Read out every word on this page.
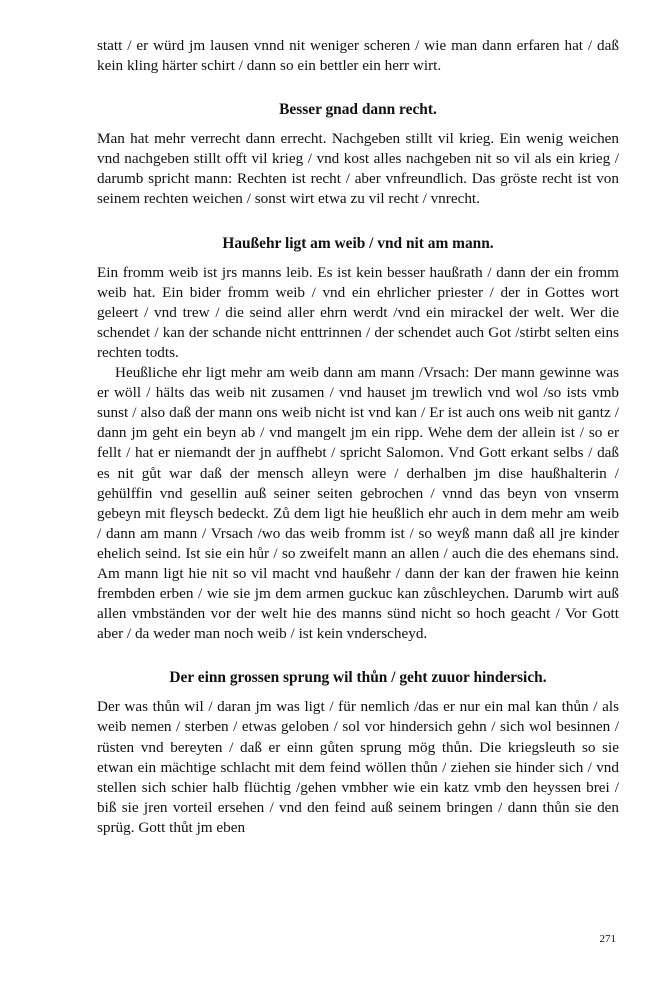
statt / er würd jm lausen vnnd nit weniger scheren / wie man dann erfaren hat / daß kein kling härter schirt / dann so ein bettler ein herr wirt.

Besser gnad dann recht.

Man hat mehr verrecht dann errecht. Nachgeben stillt vil krieg. Ein wenig weichen vnd nachgeben stillt offt vil krieg / vnd kost alles nachgeben nit so vil als ein krieg / darumb spricht mann: Rechten ist recht / aber vnfreundlich. Das gröste recht ist von seinem rechten weichen / sonst wirt etwa zu vil recht / vnrecht.

Haußehr ligt am weib / vnd nit am mann.

Ein fromm weib ist jrs manns leib. Es ist kein besser haußrath / dann der ein fromm weib hat. Ein bider fromm weib / vnd ein ehrlicher priester / der in Gottes wort geleert / vnd trew / die seind aller ehrn werdt /vnd ein mirackel der welt. Wer die schendet / kan der schande nicht enttrinnen / der schendet auch Got /stirbt selten eins rechten todts.

Heußliche ehr ligt mehr am weib dann am mann /Vrsach: Der mann gewinne was er wöll / hälts das weib nit zusamen / vnd hauset jm trewlich vnd wol /so ists vmb sunst / also daß der mann ons weib nicht ist vnd kan / Er ist auch ons weib nit gantz / dann jm geht ein beyn ab / vnd mangelt jm ein ripp. Wehe dem der allein ist / so er fellt / hat er niemandt der jn auffhebt / spricht Salomon. Vnd Gott erkant selbs / daß es nit gůt war daß der mensch alleyn were / derhalben jm dise haußhalterin / gehülffin vnd gesellin auß seiner seiten gebrochen / vnnd das beyn von vnserm gebeyn mit fleysch bedeckt. Zů dem ligt hie heußlich ehr auch in dem mehr am weib / dann am mann / Vrsach /wo das weib fromm ist / so weyß mann daß all jre kinder ehelich seind. Ist sie ein hůr / so zweifelt mann an allen / auch die des ehemans sind. Am mann ligt hie nit so vil macht vnd haußehr / dann der kan der frawen hie keinn frembden erben / wie sie jm dem armen guckuc kan zůschleychen. Darumb wirt auß allen vmbständen vor der welt hie des manns sünd nicht so hoch geacht / Vor Gott aber / da weder man noch weib / ist kein vnderscheyd.

Der einn grossen sprung wil thůn / geht zuuor hindersich.

Der was thůn wil / daran jm was ligt / für nemlich /das er nur ein mal kan thůn / als weib nemen / sterben / etwas geloben / sol vor hindersich gehn / sich wol besinnen / rüsten vnd bereyten / daß er einn gůten sprung mög thůn. Die kriegsleuth so sie etwan ein mächtige schlacht mit dem feind wöllen thůn / ziehen sie hinder sich / vnd stellen sich schier halb flüchtig /gehen vmbher wie ein katz vmb den heyssen brei / biß sie jren vorteil ersehen / vnd den feind auß seinem bringen / dann thůn sie den sprüg. Gott thůt jm eben

271
